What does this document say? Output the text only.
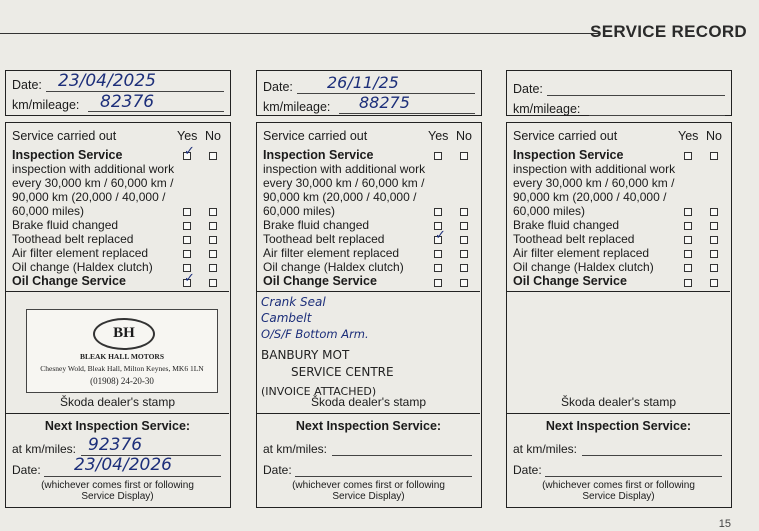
SERVICE RECORD
Date: 23/04/2025
km/mileage: 82376
Service carried out	Yes No
Inspection Service	✓
inspection with additional work
every 30,000 km / 60,000 km /
90,000 km (20,000 / 40,000 /
60,000 miles)
Brake fluid changed
Toothead belt replaced
Air filter element replaced
Oil change (Haldex clutch)
Oil Change Service	✓
BH
BLEAK HALL MOTORS
Chesney Wold, Bleak Hall, Milton Keynes, MK6 1LN
(01908) 24-20-30
Škoda dealer's stamp
Next Inspection Service:
at km/miles: 92376
Date: 23/04/2026
(whichever comes first or following
Service Display)
Date: 26/11/25
km/mileage: 88275
Service carried out	Yes No
Inspection Service
inspection with additional work
every 30,000 km / 60,000 km /
90,000 km (20,000 / 40,000 /
60,000 miles)
Brake fluid changed
Toothead belt replaced	✓
Air filter element replaced
Oil change (Haldex clutch)
Oil Change Service
Crank Seal
Cambelt
O/S/F Bottom Arm.
BANBURY MOT
SERVICE CENTRE
(INVOICE ATTACHED)
Škoda dealer's stamp
Next Inspection Service:
at km/miles:
Date:
(whichever comes first or following
Service Display)
Date:
km/mileage:
Service carried out	Yes No
Inspection Service
inspection with additional work
every 30,000 km / 60,000 km /
90,000 km (20,000 / 40,000 /
60,000 miles)
Brake fluid changed
Toothead belt replaced
Air filter element replaced
Oil change (Haldex clutch)
Oil Change Service
Škoda dealer's stamp
Next Inspection Service:
at km/miles:
Date:
(whichever comes first or following
Service Display)
15
